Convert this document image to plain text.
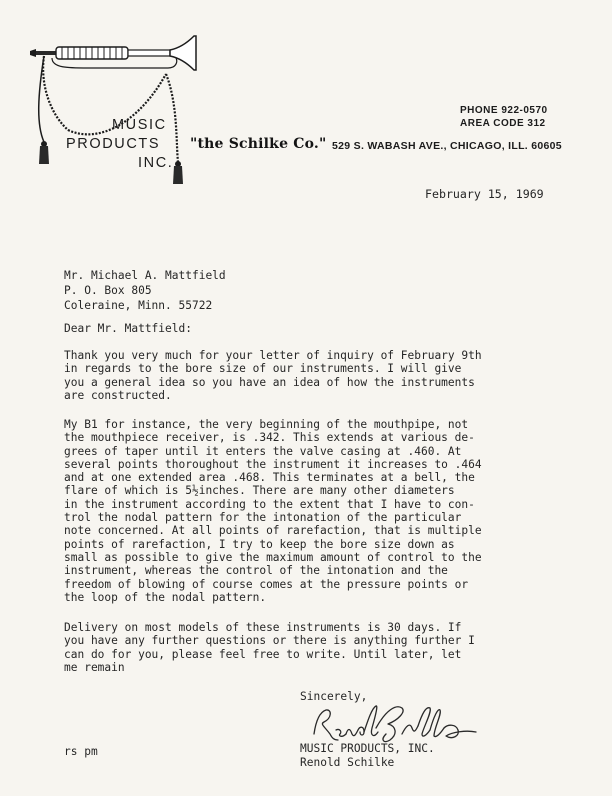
MUSIC
PRODUCTS
INC.
"the Schilke Co." 529 S. WABASH AVE., CHICAGO, ILL. 60605
PHONE 922-0570
AREA CODE 312
February 15, 1969
Mr. Michael A. Mattfield
P. O. Box 805
Coleraine, Minn. 55722
Dear Mr. Mattfield:
Thank you very much for your letter of inquiry of February 9th
in regards to the bore size of our instruments. I will give
you a general idea so you have an idea of how the instruments
are constructed.
My B1 for instance, the very beginning of the mouthpipe, not
the mouthpiece receiver, is .342. This extends at various de-
grees of taper until it enters the valve casing at .460. At
several points thoroughout the instrument it increases to .464
and at one extended area .468. This terminates at a bell, the
flare of which is 5½inches. There are many other diameters
in the instrument according to the extent that I have to con-
trol the nodal pattern for the intonation of the particular
note concerned. At all points of rarefaction, that is multiple
points of rarefaction, I try to keep the bore size down as
small as possible to give the maximum amount of control to the
instrument, whereas the control of the intonation and the
freedom of blowing of course comes at the pressure points or
the loop of the nodal pattern.
Delivery on most models of these instruments is 30 days. If
you have any further questions or there is anything further I
can do for you, please feel free to write. Until later, let
me remain
Sincerely,
MUSIC PRODUCTS, INC.
Renold Schilke
rs pm
